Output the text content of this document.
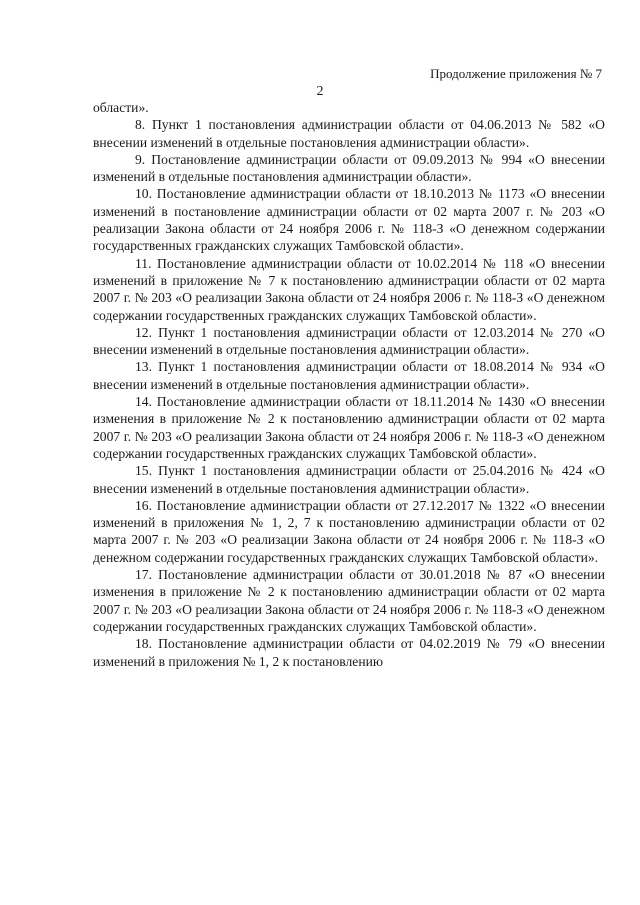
Продолжение приложения № 7
2

области».

8. Пункт 1 постановления администрации области от 04.06.2013 № 582 «О внесении изменений в отдельные постановления администрации области».

9. Постановление администрации области от 09.09.2013 № 994 «О внесении изменений в отдельные постановления администрации области».

10. Постановление администрации области от 18.10.2013 № 1173 «О внесении изменений в постановление администрации области от 02 марта 2007 г. № 203 «О реализации Закона области от 24 ноября 2006 г. № 118-З «О денежном содержании государственных гражданских служащих Тамбовской области».

11. Постановление администрации области от 10.02.2014 № 118 «О внесении изменений в приложение № 7 к постановлению администрации области от 02 марта 2007 г. № 203 «О реализации Закона области от 24 ноября 2006 г. № 118-З «О денежном содержании государственных гражданских служащих Тамбовской области».

12. Пункт 1 постановления администрации области от 12.03.2014 № 270 «О внесении изменений в отдельные постановления администрации области».

13. Пункт 1 постановления администрации области от 18.08.2014 № 934 «О внесении изменений в отдельные постановления администрации области».

14. Постановление администрации области от 18.11.2014 № 1430 «О внесении изменения в приложение № 2 к постановлению администрации области от 02 марта 2007 г. № 203 «О реализации Закона области от 24 ноября 2006 г. № 118-З «О денежном содержании государственных гражданских служащих Тамбовской области».

15. Пункт 1 постановления администрации области от 25.04.2016 № 424 «О внесении изменений в отдельные постановления администрации области».

16. Постановление администрации области от 27.12.2017 № 1322 «О внесении изменений в приложения № 1, 2, 7 к постановлению администрации области от 02 марта 2007 г. № 203 «О реализации Закона области от 24 ноября 2006 г. № 118-З «О денежном содержании государственных гражданских служащих Тамбовской области».

17. Постановление администрации области от 30.01.2018 № 87 «О внесении изменения в приложение № 2 к постановлению администрации области от 02 марта 2007 г. № 203 «О реализации Закона области от 24 ноября 2006 г. № 118-З «О денежном содержании государственных гражданских служащих Тамбовской области».

18. Постановление администрации области от 04.02.2019 № 79 «О внесении изменений в приложения № 1, 2 к постановлению
